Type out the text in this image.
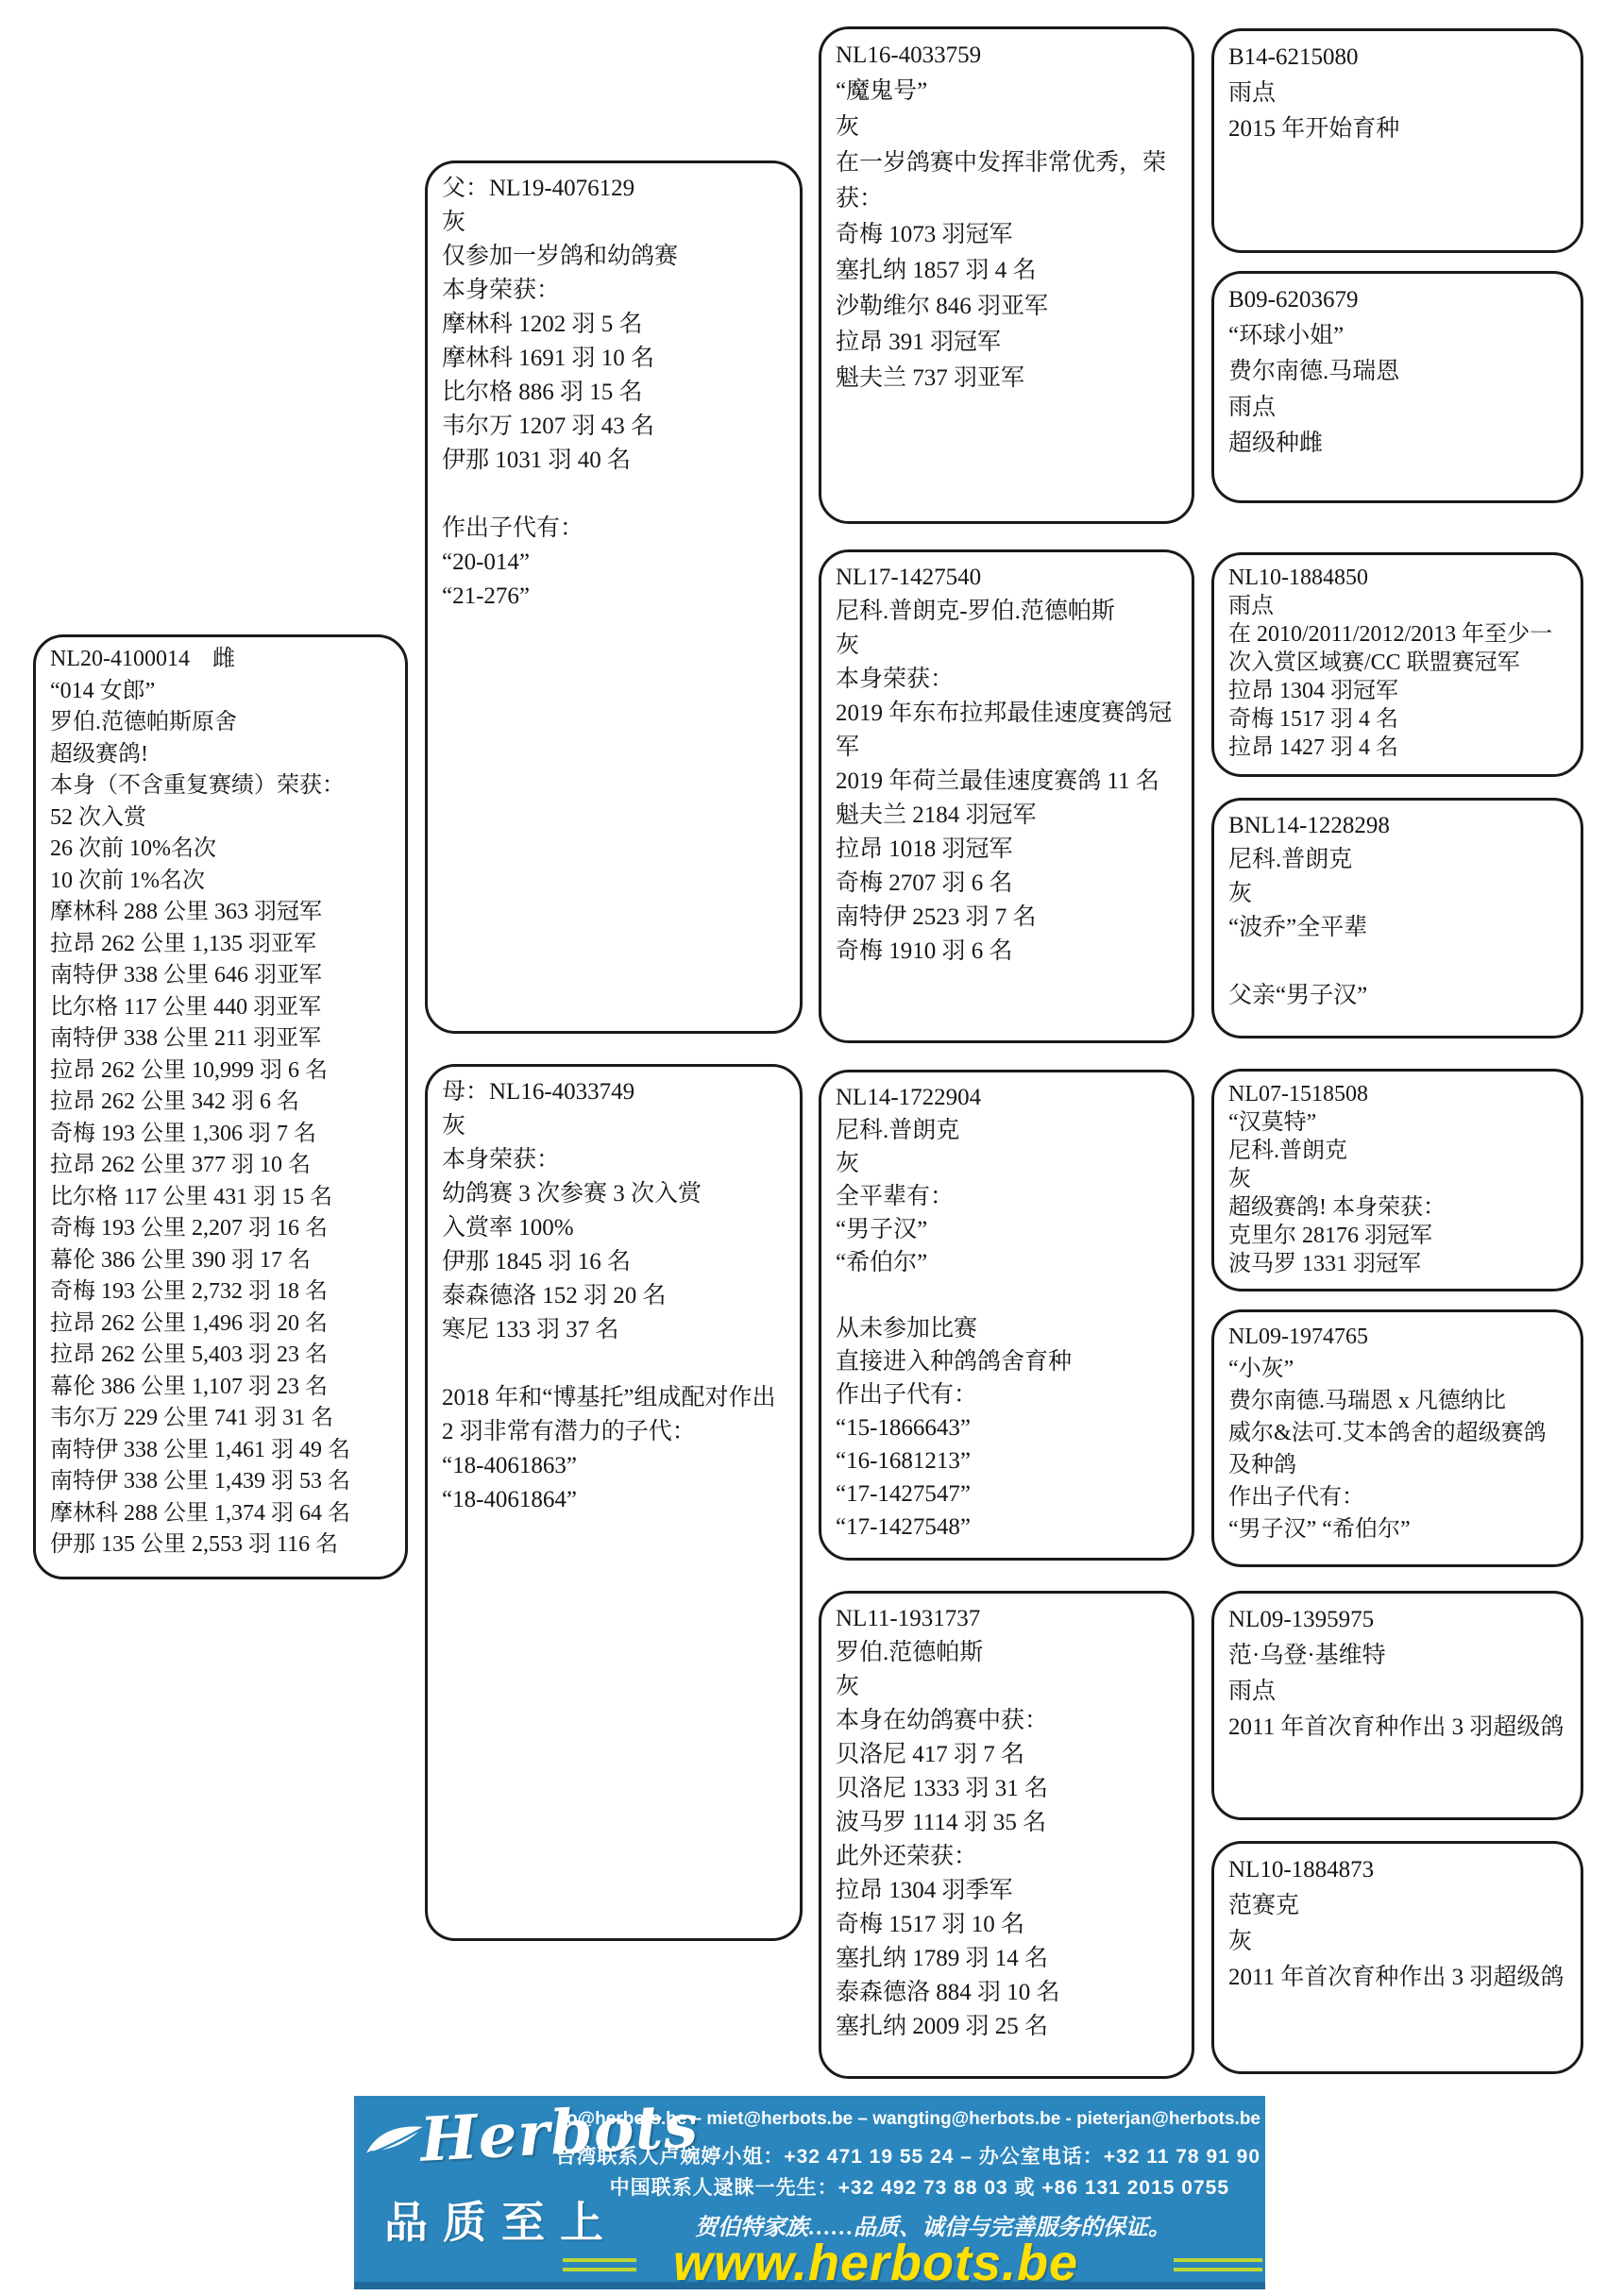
NL20-4100014　雌
“014 女郎”
罗伯.范德帕斯原舍
超级赛鸽!
本身（不含重复赛绩）荣获：
52 次入赏
26 次前 10%名次
10 次前 1%名次
摩林科 288 公里 363 羽冠军
拉昂 262 公里 1,135 羽亚军
南特伊 338 公里 646 羽亚军
比尔格 117 公里 440 羽亚军
南特伊 338 公里 211 羽亚军
拉昂 262 公里 10,999 羽 6 名
拉昂 262 公里 342 羽 6 名
奇梅 193 公里 1,306 羽 7 名
拉昂 262 公里 377 羽 10 名
比尔格 117 公里 431 羽 15 名
奇梅 193 公里 2,207 羽 16 名
幕伦 386 公里 390 羽 17 名
奇梅 193 公里 2,732 羽 18 名
拉昂 262 公里 1,496 羽 20 名
拉昂 262 公里 5,403 羽 23 名
幕伦 386 公里 1,107 羽 23 名
韦尔万 229 公里 741 羽 31 名
南特伊 338 公里 1,461 羽 49 名
南特伊 338 公里 1,439 羽 53 名
摩林科 288 公里 1,374 羽 64 名
伊那 135 公里 2,553 羽 116 名
父：NL19-4076129
灰
仅参加一岁鸽和幼鸽赛
本身荣获：
摩林科 1202 羽 5 名
摩林科 1691 羽 10 名
比尔格 886 羽 15 名
韦尔万 1207 羽 43 名
伊那 1031 羽 40 名

作出子代有：
“20-014”
“21-276”
母：NL16-4033749
灰
本身荣获：
幼鸽赛 3 次参赛 3 次入赏
入赏率 100%
伊那 1845 羽 16 名
泰森德洛 152 羽 20 名
寒尼 133 羽 37 名

2018 年和“博基托”组成配对作出
2 羽非常有潜力的子代：
“18-4061863”
“18-4061864”
NL16-4033759
“魔鬼号”
灰
在一岁鸽赛中发挥非常优秀，荣
获：
奇梅 1073 羽冠军
塞扎纳 1857 羽 4 名
沙勒维尔 846 羽亚军
拉昂 391 羽冠军
魁夫兰 737 羽亚军
NL17-1427540
尼科.普朗克-罗伯.范德帕斯
灰
本身荣获：
2019 年东布拉邦最佳速度赛鸽冠
军
2019 年荷兰最佳速度赛鸽 11 名
魁夫兰 2184 羽冠军
拉昂 1018 羽冠军
奇梅 2707 羽 6 名
南特伊 2523 羽 7 名
奇梅 1910 羽 6 名
NL14-1722904
尼科.普朗克
灰
全平辈有：
“男子汉”
“希伯尔”

从未参加比赛
直接进入种鸽鸽舍育种
作出子代有：
“15-1866643”
“16-1681213”
“17-1427547”
“17-1427548”
NL11-1931737
罗伯.范德帕斯
灰
本身在幼鸽赛中获：
贝洛尼 417 羽 7 名
贝洛尼 1333 羽 31 名
波马罗 1114 羽 35 名
此外还荣获：
拉昂 1304 羽季军
奇梅 1517 羽 10 名
塞扎纳 1789 羽 14 名
泰森德洛 884 羽 10 名
塞扎纳 2009 羽 25 名
B14-6215080
雨点
2015 年开始育种
B09-6203679
“环球小姐”
费尔南德.马瑞恩
雨点
超级种雌
NL10-1884850
雨点
在 2010/2011/2012/2013 年至少一
次入赏区域赛/CC 联盟赛冠军
拉昂 1304 羽冠军
奇梅 1517 羽 4 名
拉昂 1427 羽 4 名
BNL14-1228298
尼科.普朗克
灰
“波乔”全平辈

父亲“男子汉”
NL07-1518508
“汉莫特”
尼科.普朗克
灰
超级赛鸽! 本身荣获：
克里尔 28176 羽冠军
波马罗 1331 羽冠军
NL09-1974765
“小灰”
费尔南德.马瑞恩 x 凡德纳比
威尔&法可.艾本鸽舍的超级赛鸽
及种鸽
作出子代有：
“男子汉” “希伯尔”
NL09-1395975
范·乌登·基维特
雨点
2011 年首次育种作出 3 羽超级鸽
NL10-1884873
范赛克
灰
2011 年首次育种作出 3 羽超级鸽
Herbots
品质至上
jo@herbots.be – miet@herbots.be – wangting@herbots.be - pieterjan@herbots.be
台湾联系人卢婉婷小姐：+32 471 19 55 24 – 办公室电话：+32 11 78 91 90
中国联系人逯睐一先生：+32 492 73 88 03 或 +86 131 2015 0755
贺伯特家族……品质、诚信与完善服务的保证。
www.herbots.be
